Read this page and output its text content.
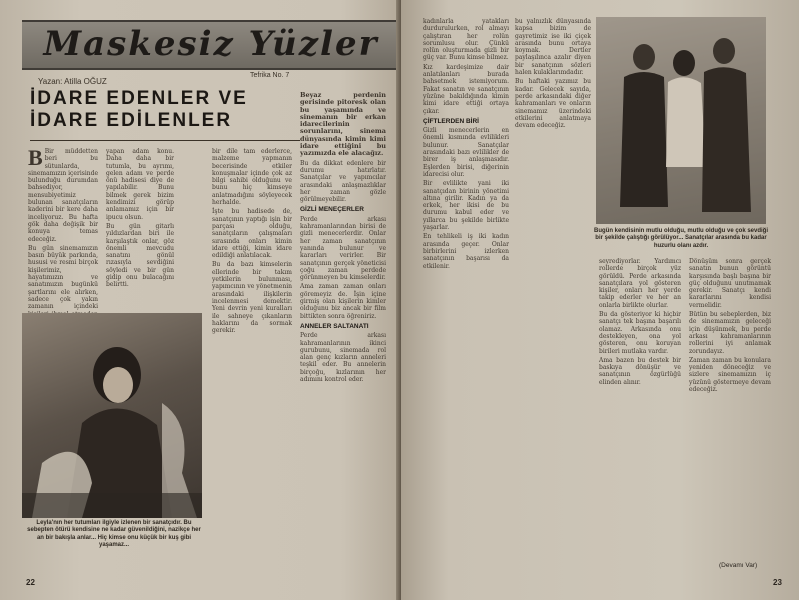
Maskesiz Yüzler
Yazan: Atilla OĞUZ
Tefrika No. 7
İDARE EDENLER VE
İDARE EDİLENLER

B Bir müddetten beri bu sütunlarda, sinemamızın içerisinde bulunduğu durumdan bahsediyor, mensubiyetimiz bulunan sanatçıların kaderini bir kere daha inceliyoruz. Bu hafta gök daha değişik bir konuya temas edeceğiz.

Bu gün sinemamızın basın büyük parkında, hususi ve resmi birçok kişilerimiz, hayatımızın ve sanatımızın bugünkü şartlarını ele alırken, sadece çok yakın zamanın içindeki

yapan adam konu. Daha daha bir tutumla, bu ayrımı, gelen adam ve perde önü hadisesi diye de yapılabilir. Bunu bilmek gerek bizim kendimizi görüp anlamamız için bir ipucu olsun.

Bu gün gitarlı yıldızlardan biri ile karşılaştık onlar, göz önemli mevcudu sanatını gönül rızasıyla sevdiğini söyledi ve bir gün gidip onu bulacağını belirtti.

bir dile tam ederlerce, malzeme yapmanın becerisinde etkiler konuşmalar içinde çok az bilgi sahibi olduğunu ve bunu hiç kimseye anlatmadığını söyleyecek herhalde.

İşte bu hadisede de, sanatçının yaptığı işin bir parçası olduğu, sanatçıların çalışmaları sırasında onları kimin idare ettiği, kimin idare edildiği anlatılacak.

Bu da bazı kimselerin ellerinde bir takım yetkilerin bulunması, yapımcının ve yönetmenin arasındaki ilişkilerin incelenmesi demektir. Yeni devrin yeni kuralları ile sahneye çıkanların haklarını da sormak gerekir.

Beyaz perdenin gerisinde pitoresk olan bu yaşamında ve sinemanın bir erkan idarecilerinin sorunlarını, sinema dünyasında kimin kimi idare ettiğini bu yazımızda ele alacağız.

Bu da dikkat edenlere bir durumu hatırlatır. Sanatçılar ve yapımcılar arasındaki anlaşmazlıklar her zaman gözle görülmeyebilir.

GİZLİ MENEÇERLER

Perde arkası kahramanlarından birisi de gizli menecerlerdir. Onlar her zaman sanatçının yanında bulunur ve kararları verirler. Bir sanatçının gerçek yöneticisi çoğu zaman perdede görünmeyen bu kimselerdir.

Ama zaman zaman onları göremeyiz de. İşin içine girmiş olan kişilerin kimler olduğunu biz ancak bir film bittikten sonra öğreniriz.

ANNELER SALTANATI

Perde arkası kahramanlarının ikinci gurubunu, sinemada rol alan genç kızların anneleri teşkil eder. Bu annelerin birçoğu, kızlarının her adımını kontrol eder.

Leyla'nın her tutumları ilgiyle izlenen bir sanatçıdır. Bu sebepten ötürü kendisine ne kadar güvenildiğini, nazikçe her an bir bakışla anlar... Hiç kimse onu küçük bir kuş gibi yaşamaz...
22

kadınlarla yatakları durdurulurken, rol almayı çalıştıran her rolün sorumlusu olur. Çünkü rolün oluşturmada gizli bir güç var. Bunu kimse bilmez.

Kız kardeşimize dair anlatılanları burada bahsetmek istemiyorum. Fakat sanatın ve sanatçının yüzüne bakıldığında kimin kimi idare ettiği ortaya çıkar.

ÇİFTLERDEN BİRİ

Gizli menecerlerin en önemli kısmında evlilikleri bulunur. Sanatçılar arasındaki bazı evlilikler de birer iş anlaşmasıdır. Eşlerden birisi, diğerinin idarecisi olur.

Bir evlilikte yani iki sanatçıdan birinin yönetimi altına girilir. Kadın ya da erkek, her ikisi de bu durumu kabul eder ve yıllarca bu şekilde birlikte yaşarlar.

En tehlikeli iş iki kadın arasında geçer. Onlar birbirlerini izlerken sanatçının başarısı da etkilenir.

bu yalnızlık dünyasında kapsa bizim de gayretimiz ise iki çiçek arasında bunu ortaya koymak. Dertler paylaşılınca azalır diyen bir sanatçının sözleri halen kulaklarımdadır.

Bu haftaki yazımız bu kadar. Gelecek sayıda, perde arkasındaki diğer kahramanları ve onların sinemamız üzerindeki etkilerini anlatmaya devam edeceğiz.

Bugün kendisinin mutlu olduğu, mutlu olduğu ve çok sevdiği bir şekilde çalıştığı görülüyor... Sanatçılar arasında bu kadar huzurlu olanı azdır.

seyrediyorlar. Yardımcı rollerde birçok yüz görüldü. Perde arkasında sanatçılara yol gösteren kişiler, onları her yerde takip ederler ve her an onlarla birlikte olurlar.

Bu da gösteriyor ki hiçbir sanatçı tek başına başarılı olamaz. Arkasında onu destekleyen, ona yol gösteren, onu koruyan birileri mutlaka vardır.

Ama bazen bu destek bir baskıya dönüşür ve sanatçının özgürlüğü elinden alınır.

Dönüşüm sonra gerçek sanatın bunun görüntü karşısında başlı başına bir güç olduğunu unutmamak gerekir. Sanatçı kendi kararlarını kendisi vermelidir.

Bütün bu sebeplerden, biz de sinemamızın geleceği için düşünmek, bu perde arkası kahramanlarının rollerini iyi anlamak zorundayız.

Zaman zaman bu konulara yeniden döneceğiz ve sizlere sinemamızın iç yüzünü göstermeye devam edeceğiz.

(Devamı Var)
23
